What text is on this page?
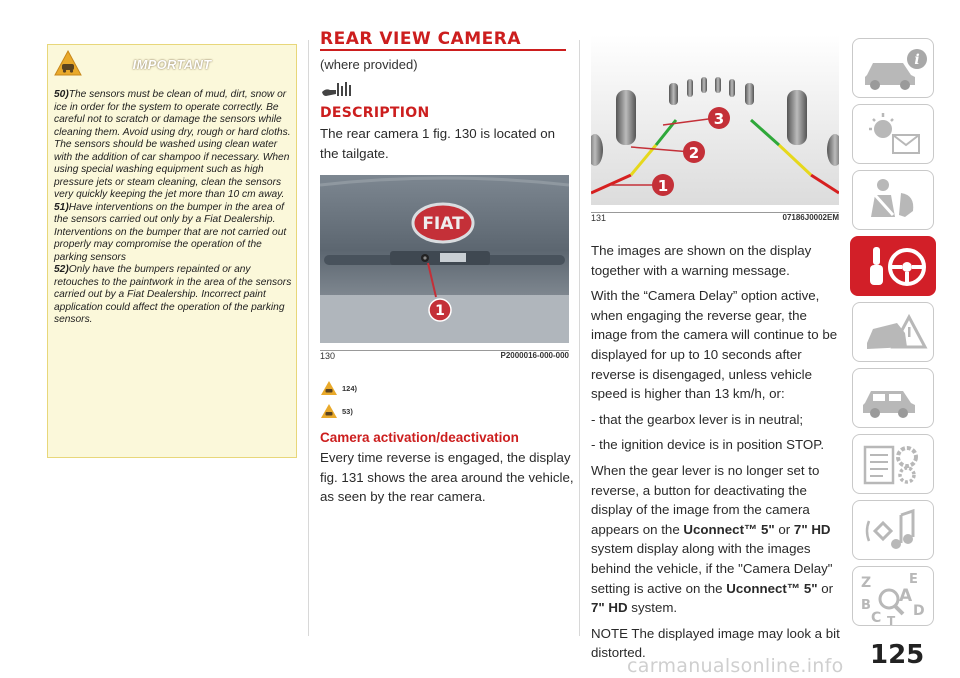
IMPORTANT

50)The sensors must be clean of mud, dirt, snow or ice in order for the system to operate correctly. Be careful not to scratch or damage the sensors while cleaning them. Avoid using dry, rough or hard cloths. The sensors should be washed using clean water with the addition of car shampoo if necessary. When using special washing equipment such as high pressure jets or steam cleaning, clean the sensors very quickly keeping the jet more than 10 cm away.

51)Have interventions on the bumper in the area of the sensors carried out only by a Fiat Dealership. Interventions on the bumper that are not carried out properly may compromise the operation of the parking sensors

52)Only have the bumpers repainted or any retouches to the paintwork in the area of the sensors carried out by a Fiat Dealership. Incorrect paint application could affect the operation of the parking sensors.

REAR VIEW CAMERA
(where provided)
DESCRIPTION
The rear camera 1 fig. 130 is located on the tailgate.
FIAT
1
130	P2000016-000-000
124)
53)
Camera activation/deactivation
Every time reverse is engaged, the display fig. 131 shows the area around the vehicle, as seen by the rear camera.
1
2
3
131	07186J0002EM

The images are shown on the display together with a warning message.

With the “Camera Delay” option active, when engaging the reverse gear, the image from the camera will continue to be displayed for up to 10 seconds after reverse is disengaged, unless vehicle speed is higher than 13 km/h, or:

- that the gearbox lever is in neutral;

- the ignition device is in position STOP.

When the gear lever is no longer set to reverse, a button for deactivating the display of the image from the camera appears on the Uconnect™ 5" or 7" HD system display along with the images behind the vehicle, if the "Camera Delay" setting is active on the Uconnect™ 5" or 7" HD system.

NOTE The displayed image may look a bit distorted.

i
Z	E
A
B
C T
D
125
carmanualsonline.info
